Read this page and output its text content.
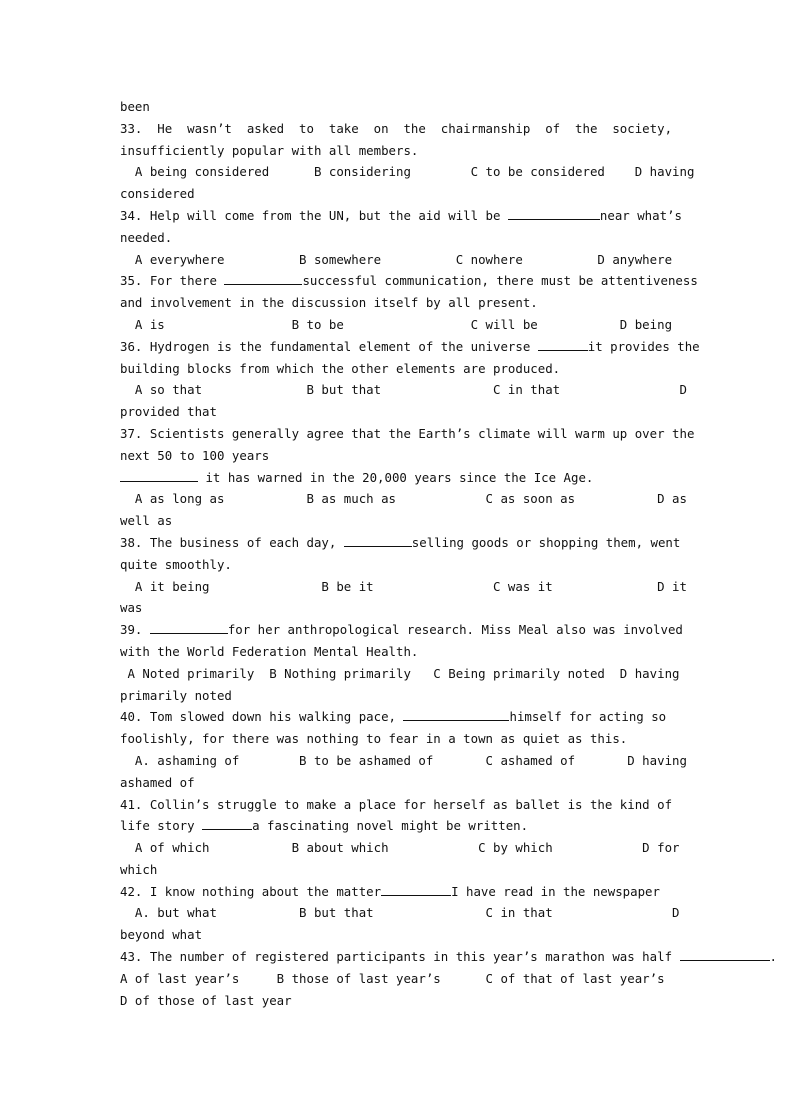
been
33.  He  wasn’t  asked  to  take  on  the  chairmanship  of  the  society,
insufficiently popular with all members.
A being considered      B considering        C to be considered    D having
considered
34. Help will come from the UN, but the aid will be	near what’s
needed.
A everywhere          B somewhere          C nowhere          D anywhere
35. For there	successful communication, there must be attentiveness
and involvement in the discussion itself by all present.
A is                 B to be                 C will be           D being
36. Hydrogen is the fundamental element of the universe	it provides the
building blocks from which the other elements are produced.
A so that              B but that               C in that                D
provided that
37. Scientists generally agree that the Earth’s climate will warm up over the
next 50 to 100 years
it has warned in the 20,000 years since the Ice Age.
A as long as           B as much as            C as soon as           D as
well as
38. The business of each day,	selling goods or shopping them, went
quite smoothly.
A it being               B be it                C was it              D it
was
39.	for her anthropological research. Miss Meal also was involved
with the World Federation Mental Health.
A Noted primarily  B Nothing primarily   C Being primarily noted  D having
primarily noted
40. Tom slowed down his walking pace,	himself for acting so
foolishly, for there was nothing to fear in a town as quiet as this.
A. ashaming of        B to be ashamed of       C ashamed of       D having
ashamed of
41. Collin’s struggle to make a place for herself as ballet is the kind of
life story	a fascinating novel might be written.
A of which           B about which            C by which            D for
which
42. I know nothing about the matter	I have read in the newspaper
A. but what           B but that               C in that                D
beyond what
43. The number of registered participants in this year’s marathon was half	.
A of last year’s     B those of last year’s      C of that of last year’s
D of those of last year
